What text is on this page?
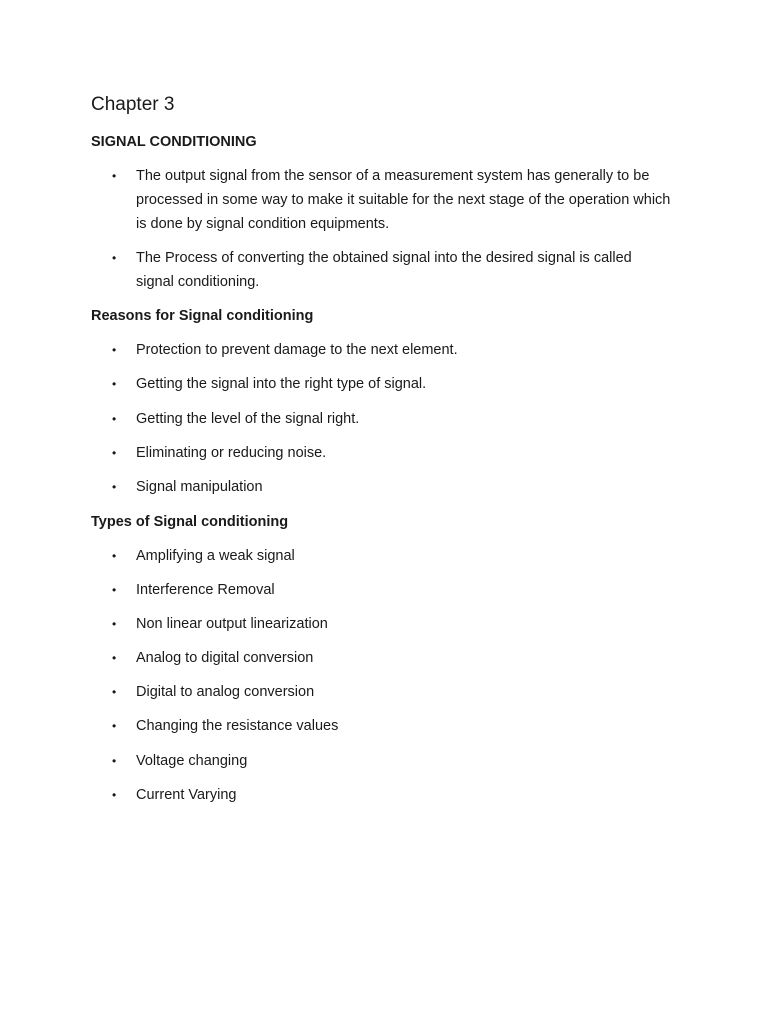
Chapter 3
SIGNAL CONDITIONING
•	The output signal from the sensor of a measurement system has generally to be processed in some way to make it suitable for the next stage of the operation which is done by signal condition equipments.
•	The Process of converting the obtained signal into the desired signal is called signal conditioning.
Reasons for Signal conditioning
•	Protection to prevent damage to the next element.
•	Getting the signal into the right type of signal.
•	Getting the level of the signal right.
•	Eliminating or reducing noise.
•	Signal manipulation
Types of Signal conditioning
•	Amplifying a weak signal
•	Interference Removal
•	Non linear output linearization
•	Analog to digital conversion
•	Digital to analog conversion
•	Changing the resistance values
•	Voltage changing
•	Current Varying
